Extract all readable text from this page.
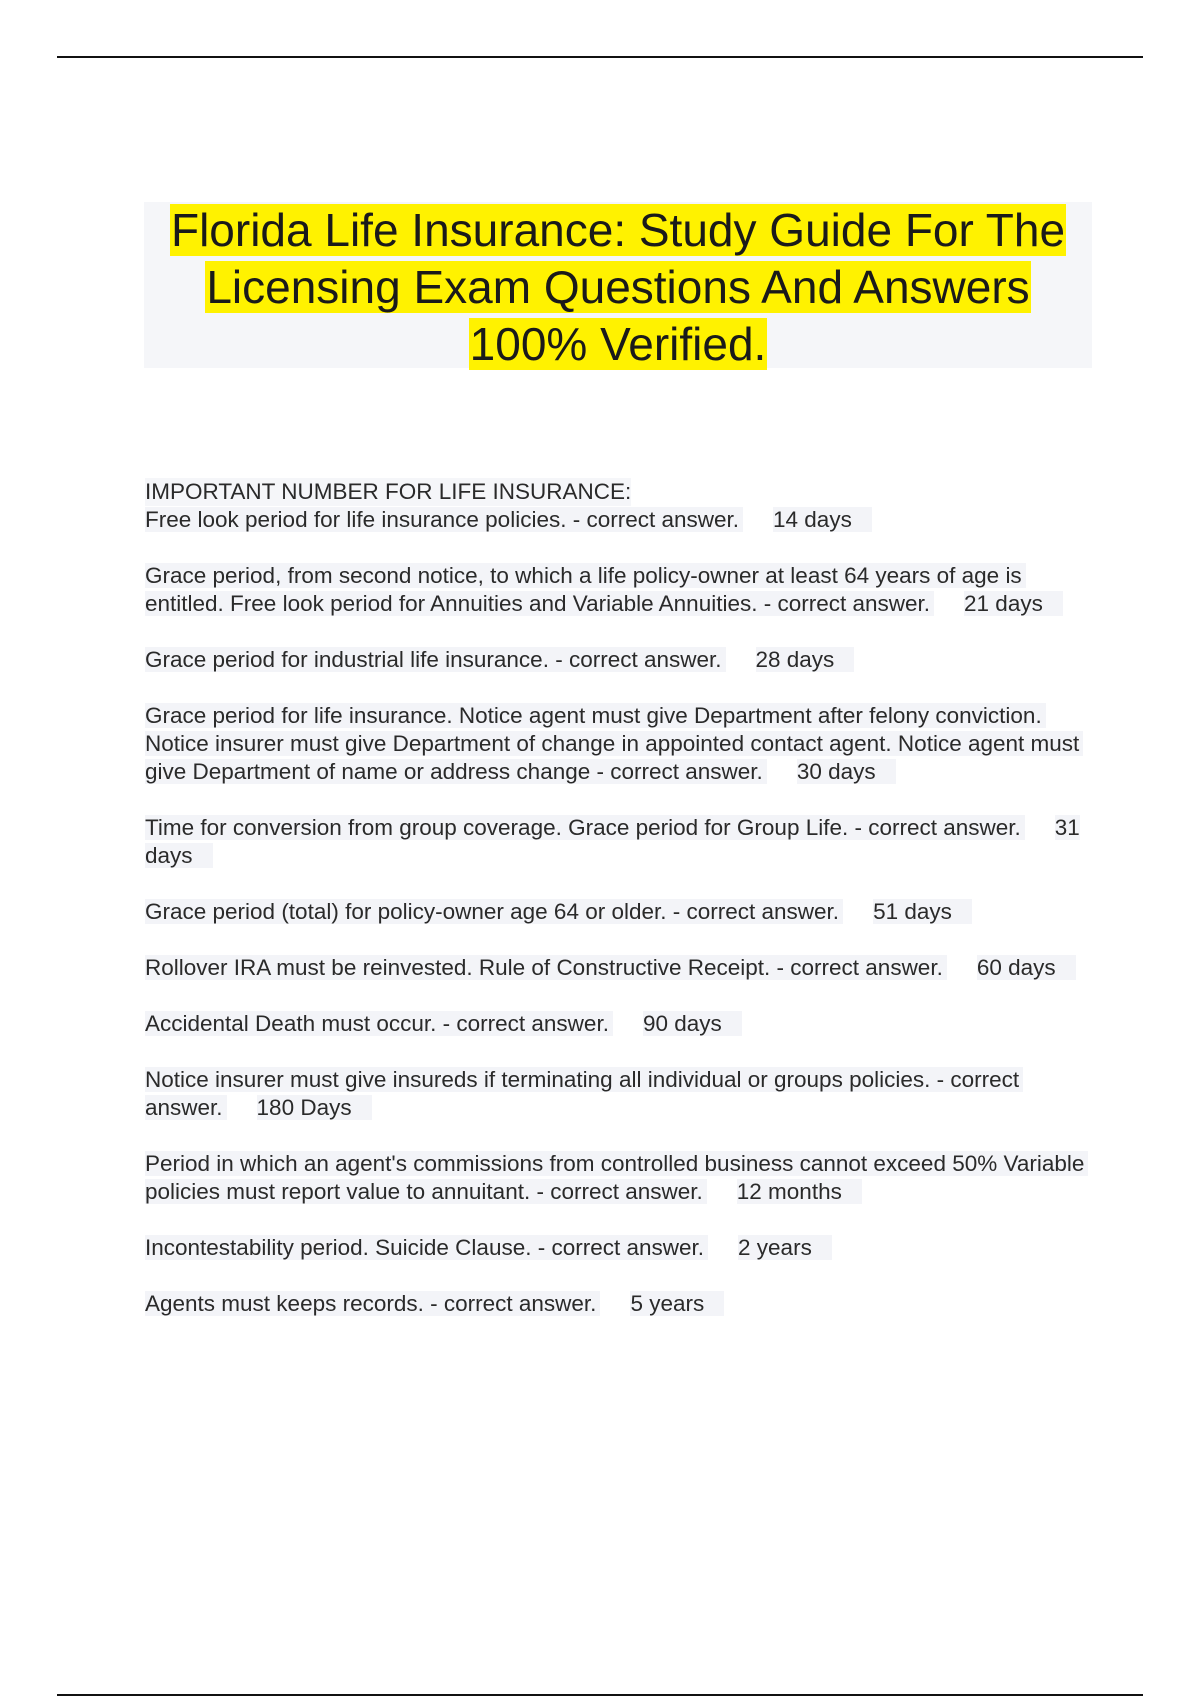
Florida Life Insurance: Study Guide For The
Licensing Exam Questions And Answers
100% Verified.
IMPORTANT NUMBER FOR LIFE INSURANCE:
Free look period for life insurance policies. - correct answer. 14 days
Grace period, from second notice, to which a life policy-owner at least 64 years of age is entitled. Free look period for Annuities and Variable Annuities. - correct answer. 21 days
Grace period for industrial life insurance. - correct answer. 28 days
Grace period for life insurance. Notice agent must give Department after felony conviction. Notice insurer must give Department of change in appointed contact agent. Notice agent must give Department of name or address change - correct answer. 30 days
Time for conversion from group coverage. Grace period for Group Life. - correct answer. 31 days
Grace period (total) for policy-owner age 64 or older. - correct answer. 51 days
Rollover IRA must be reinvested. Rule of Constructive Receipt. - correct answer. 60 days
Accidental Death must occur. - correct answer. 90 days
Notice insurer must give insureds if terminating all individual or groups policies. - correct answer. 180 Days
Period in which an agent's commissions from controlled business cannot exceed 50% Variable policies must report value to annuitant. - correct answer. 12 months
Incontestability period. Suicide Clause. - correct answer. 2 years
Agents must keeps records. - correct answer. 5 years
